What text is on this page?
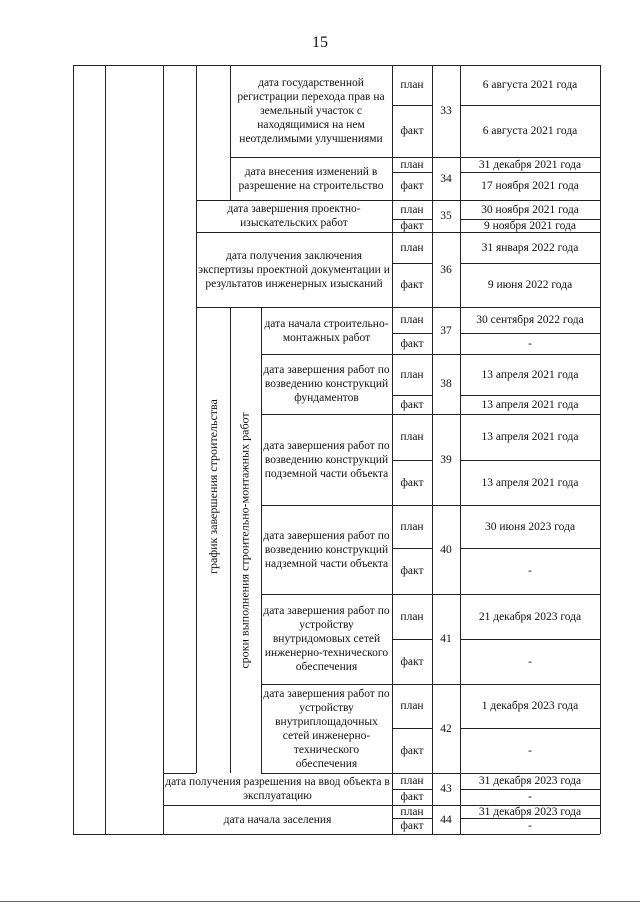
15
график завершения строительства сроки выполнения строительно-монтажных работ
дата государственной регистрации перехода прав на земельный участок с находящимися на нем неотделимыми улучшениями
план
факт
33
6 августа 2021 года
6 августа 2021 года
дата внесения изменений в разрешение на строительство
план
факт
34
31 декабря 2021 года
17 ноября 2021 года
дата завершения проектно-изыскательских работ
план
факт
35
30 ноября 2021 года
9 ноября 2021 года
дата получения заключения экспертизы проектной документации и результатов инженерных изысканий
план
факт
36
31 января 2022 года
9 июня 2022 года
дата начала строительно-монтажных работ
план
факт
37
30 сентября 2022 года
-
дата завершения работ по возведению конструкций фундаментов
план
факт
38
13 апреля 2021 года
13 апреля 2021 года
дата завершения работ по возведению конструкций подземной части объекта
план
факт
39
13 апреля 2021 года
13 апреля 2021 года
дата завершения работ по возведению конструкций надземной части объекта
план
факт
40
30 июня 2023 года
-
дата завершения работ по устройству внутридомовых сетей инженерно-технического обеспечения
план
факт
41
21 декабря 2023 года
-
дата завершения работ по устройству внутриплощадочных сетей инженерно-технического обеспечения
план
факт
42
1 декабря 2023 года
-
дата получения разрешения на ввод объекта в эксплуатацию
план
факт
43
31 декабря 2023 года
-
дата начала заселения
план
факт
44
31 декабря 2023 года
-
